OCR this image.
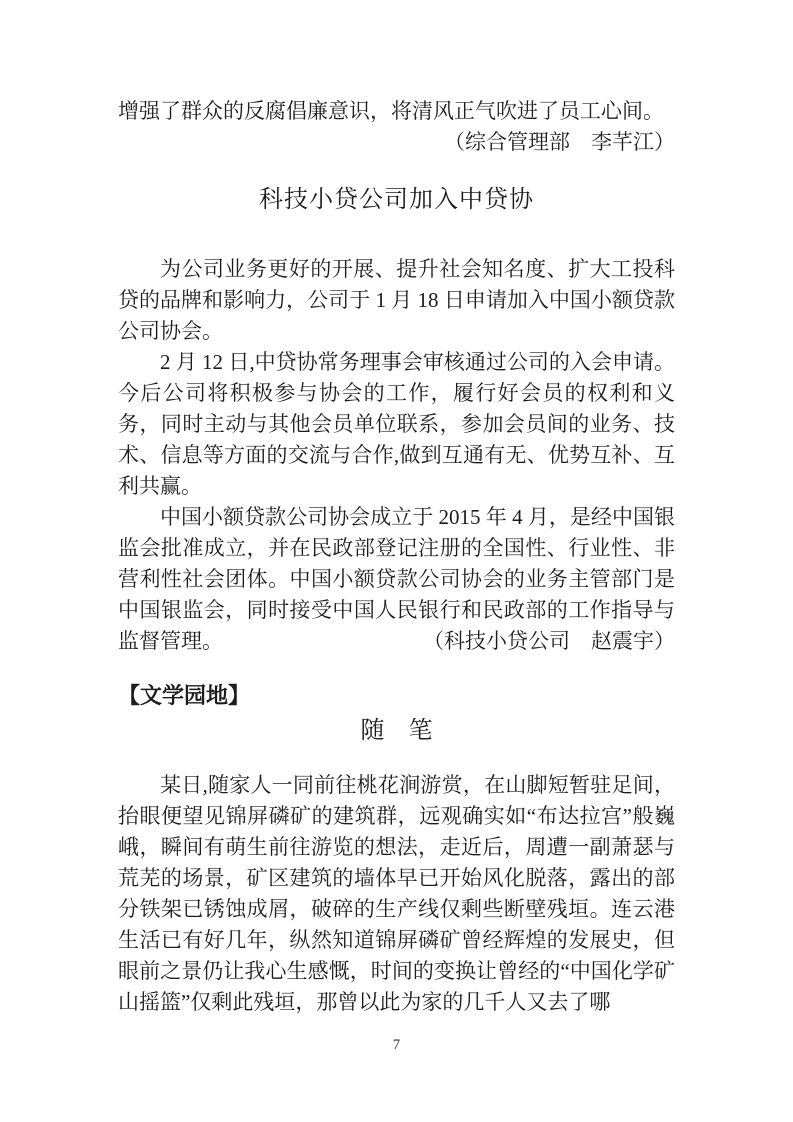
增强了群众的反腐倡廉意识，将清风正气吹进了员工心间。
（综合管理部　李芊江）
科技小贷公司加入中贷协

为公司业务更好的开展、提升社会知名度、扩大工投科贷的品牌和影响力，公司于 1 月 18 日申请加入中国小额贷款公司协会。

2 月 12 日,中贷协常务理事会审核通过公司的入会申请。今后公司将积极参与协会的工作，履行好会员的权利和义务，同时主动与其他会员单位联系，参加会员间的业务、技术、信息等方面的交流与合作,做到互通有无、优势互补、互利共赢。

中国小额贷款公司协会成立于 2015 年 4 月，是经中国银监会批准成立，并在民政部登记注册的全国性、行业性、非营利性社会团体。中国小额贷款公司协会的业务主管部门是中国银监会，同时接受中国人民银行和民政部的工作指导与监督管理。	（科技小贷公司　赵震宇）
【文学园地】
随　笔

某日,随家人一同前往桃花涧游赏，在山脚短暂驻足间，抬眼便望见锦屏磷矿的建筑群，远观确实如“布达拉宫”般巍峨，瞬间有萌生前往游览的想法，走近后，周遭一副萧瑟与荒芜的场景，矿区建筑的墙体早已开始风化脱落，露出的部分铁架已锈蚀成屑，破碎的生产线仅剩些断壁残垣。连云港生活已有好几年，纵然知道锦屏磷矿曾经辉煌的发展史，但眼前之景仍让我心生感慨，时间的变换让曾经的“中国化学矿山摇篮”仅剩此残垣，那曾以此为家的几千人又去了哪

7
